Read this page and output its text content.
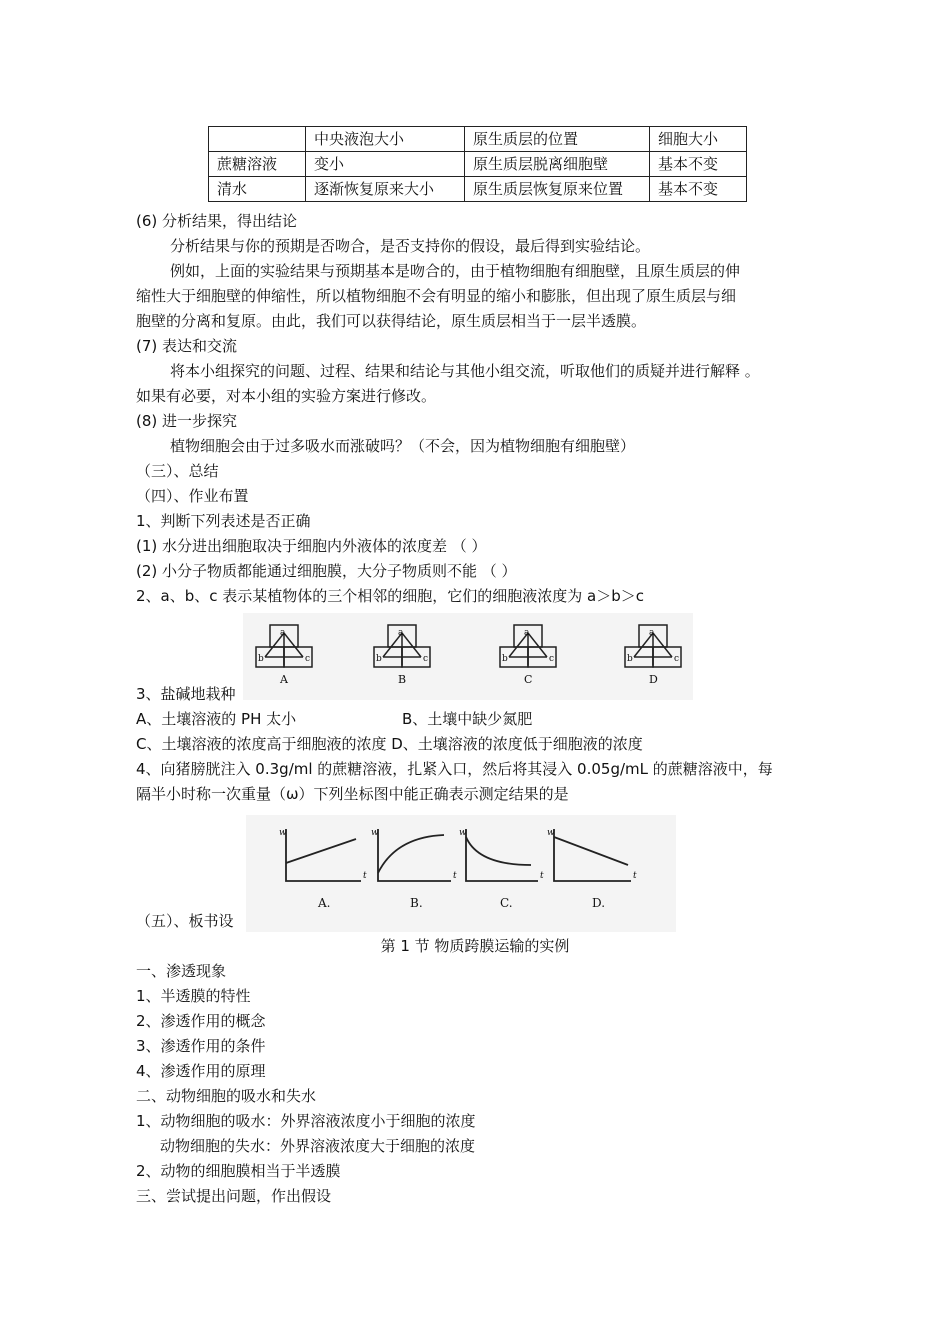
	中央液泡大小	原生质层的位置	细胞大小
蔗糖溶液	变小	原生质层脱离细胞壁	基本不变
清水	逐渐恢复原来大小	原生质层恢复原来位置	基本不变
(6) 分析结果，得出结论
分析结果与你的预期是否吻合，是否支持你的假设，最后得到实验结论。
例如，上面的实验结果与预期基本是吻合的，由于植物细胞有细胞壁，且原生质层的伸
缩性大于细胞壁的伸缩性，所以植物细胞不会有明显的缩小和膨胀，但出现了原生质层与细
胞壁的分离和复原。由此，我们可以获得结论，原生质层相当于一层半透膜。
(7) 表达和交流
将本小组探究的问题、过程、结果和结论与其他小组交流，听取他们的质疑并进行解释 。
如果有必要，对本小组的实验方案进行修改。
(8) 进一步探究
植物细胞会由于过多吸水而涨破吗？（不会，因为植物细胞有细胞壁）
（三）、总结
（四）、作业布置
1、判断下列表述是否正确
(1) 水分进出细胞取决于细胞内外液体的浓度差 （ ）
(2) 小分子物质都能通过细胞膜，大分子物质则不能 （ ）
2、a、b、c 表示某植物体的三个相邻的细胞，它们的细胞液浓度为 a＞b＞c
a
b	c
a
b	c
a
b	c
a
b	c
A	B	C	D
3、盐碱地栽种
A、土壤溶液的 PH 太小	B、土壤中缺少氮肥
C、土壤溶液的浓度高于细胞液的浓度 D、土壤溶液的浓度低于细胞液的浓度
4、向猪膀胱注入 0.3g/ml 的蔗糖溶液，扎紧入口，然后将其浸入 0.05g/mL 的蔗糖溶液中，每
隔半小时称一次重量（ω）下列坐标图中能正确表示测定结果的是
w
t
w
t
w
t
w
t
A.	B.	C.	D.
（五）、板书设
第 1 节 物质跨膜运输的实例
一、渗透现象
1、半透膜的特性
2、渗透作用的概念
3、渗透作用的条件
4、渗透作用的原理
二、动物细胞的吸水和失水
1、动物细胞的吸水：外界溶液浓度小于细胞的浓度
动物细胞的失水：外界溶液浓度大于细胞的浓度
2、动物的细胞膜相当于半透膜
三、尝试提出问题，作出假设
